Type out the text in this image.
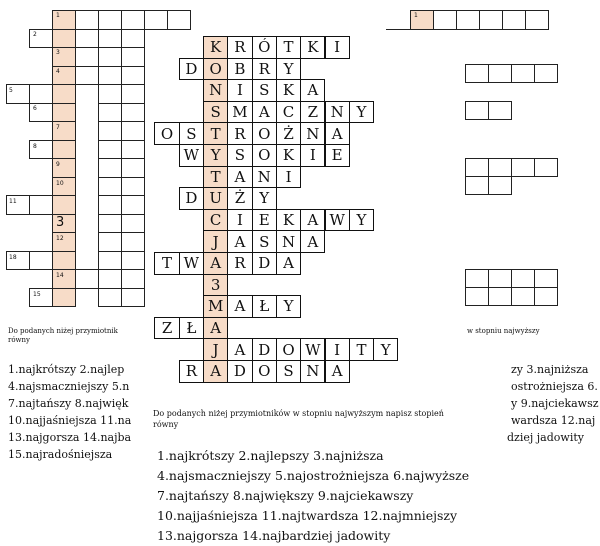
1
2
3
4
5
6
7
8
9
10
11
12
3
14
15
18
1
K R Ó T K	I
D O B R Y
N I	S K A
S M A C Z N Y
O S T R O Ż N A
W Y S O K	I	E
T A N I
D U Ż Y
C	I	E K A W Y
J	A S N A
T W A R D A
3
M A Ł Y
Z Ł A
J	A D O W I	T Y
R A D O S N A
Do podanych niżej przymiotnik
równy
w stopniu najwyższy
1.najkrótszy 2.najlep
4.najsmaczniejszy 5.n
7.najtańszy 8.najwięk
10.najjaśniejsza 11.na
13.najgorsza 14.najba
15.najradośniejsza
zy 3.najniższa
ostrożniejsza 6.
y 9.najciekawsz
wardsza 12.naj
dziej jadowity
Do podanych niżej przymiotników w stopniu najwyższym napisz stopień
równy
1.najkrótszy 2.najlepszy 3.najniższa
4.najsmaczniejszy 5.najostrożniejsza 6.najwyższe
7.najtańszy 8.największy 9.najciekawszy
10.najjaśniejsza 11.najtwardsza 12.najmniejszy
13.najgorsza 14.najbardziej jadowity
